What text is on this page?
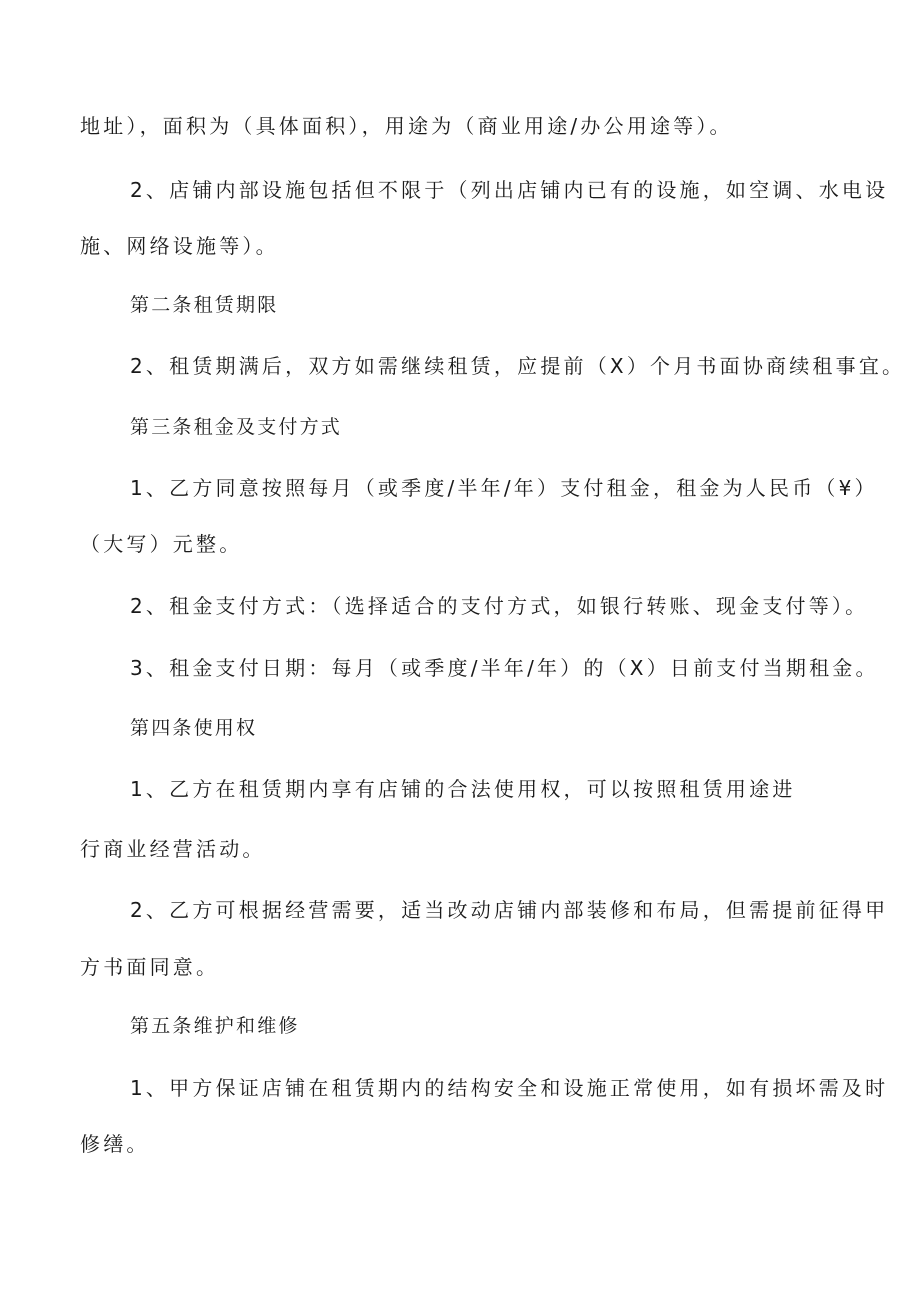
地址），面积为（具体面积），用途为（商业用途/办公用途等）。
2、店铺内部设施包括但不限于（列出店铺内已有的设施，如空调、水电设
施、网络设施等）。
第二条租赁期限
2、租赁期满后，双方如需继续租赁，应提前（X）个月书面协商续租事宜。
第三条租金及支付方式
1、乙方同意按照每月（或季度/半年/年）支付租金，租金为人民币（¥）
（大写）元整。
2、租金支付方式：（选择适合的支付方式，如银行转账、现金支付等）。
3、租金支付日期：每月（或季度/半年/年）的（X）日前支付当期租金。
第四条使用权
1、乙方在租赁期内享有店铺的合法使用权，可以按照租赁用途进
行商业经营活动。
2、乙方可根据经营需要，适当改动店铺内部装修和布局，但需提前征得甲
方书面同意。
第五条维护和维修
1、甲方保证店铺在租赁期内的结构安全和设施正常使用，如有损坏需及时
修缮。
